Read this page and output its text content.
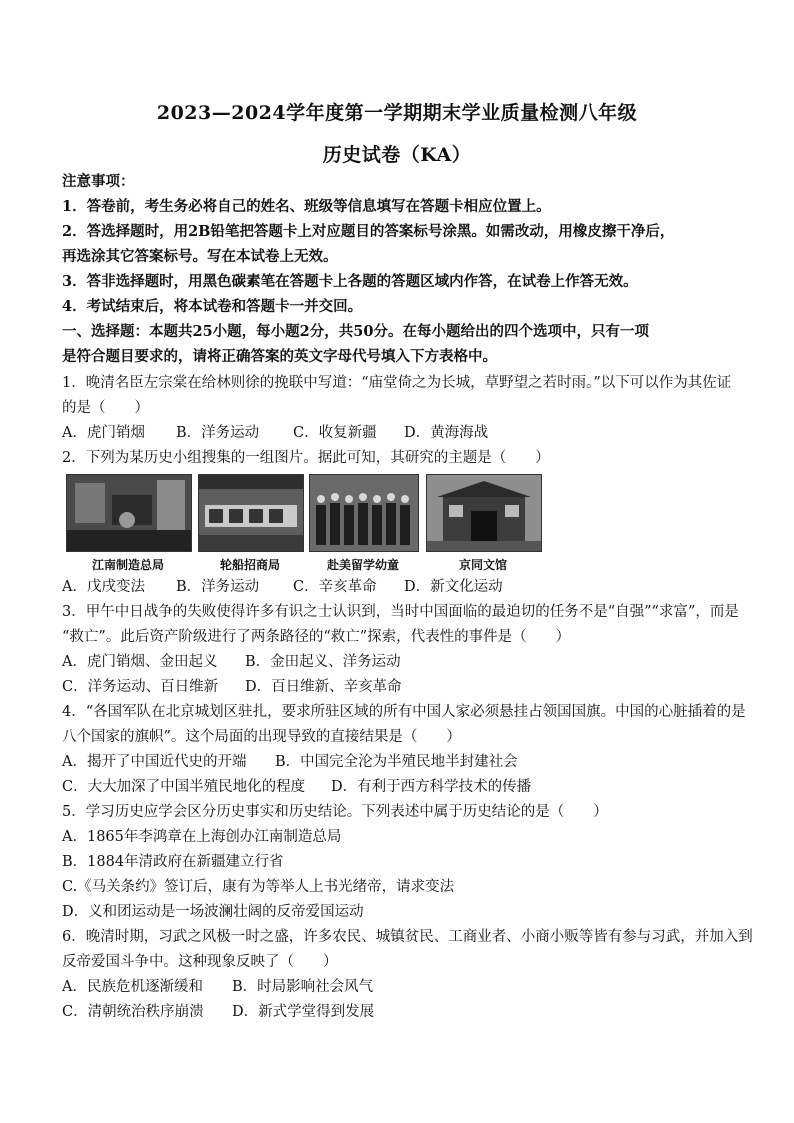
2023—2024学年度第一学期期末学业质量检测八年级
历史试卷（KA）
注意事项：
1．答卷前，考生务必将自己的姓名、班级等信息填写在答题卡相应位置上。
2．答选择题时，用2B铅笔把答题卡上对应题目的答案标号涂黑。如需改动，用橡皮擦干净后，
再选涂其它答案标号。写在本试卷上无效。
3．答非选择题时，用黑色碳素笔在答题卡上各题的答题区域内作答，在试卷上作答无效。
4．考试结束后，将本试卷和答题卡一并交回。
一、选择题：本题共25小题，每小题2分，共50分。在每小题给出的四个选项中，只有一项
是符合题目要求的，请将正确答案的英文字母代号填入下方表格中。
1．晚清名臣左宗棠在给林则徐的挽联中写道：“庙堂倚之为长城，草野望之若时雨。”以下可以作为其佐证
的是（　　）
A．虎门销烟 B．洋务运动 C．收复新疆 D．黄海海战
2．下列为某历史小组搜集的一组图片。据此可知，其研究的主题是（　　）
江南制造总局	轮船招商局	赴美留学幼童	京同文馆
A．戊戌变法 B．洋务运动 C．辛亥革命 D．新文化运动
3．甲午中日战争的失败使得许多有识之士认识到，当时中国面临的最迫切的任务不是“自强”“求富”，而是
“救亡”。此后资产阶级进行了两条路径的“救亡”探索，代表性的事件是（　　）
A．虎门销烟、金田起义 B．金田起义、洋务运动
C．洋务运动、百日维新 D．百日维新、辛亥革命
4．“各国军队在北京城划区驻扎，要求所驻区域的所有中国人家必须悬挂占领国国旗。中国的心脏插着的是
八个国家的旗帜”。这个局面的出现导致的直接结果是（　　）
A．揭开了中国近代史的开端 B．中国完全沦为半殖民地半封建社会
C．大大加深了中国半殖民地化的程度 D．有利于西方科学技术的传播
5．学习历史应学会区分历史事实和历史结论。下列表述中属于历史结论的是（　　）
A．1865年李鸿章在上海创办江南制造总局
B．1884年清政府在新疆建立行省
C.《马关条约》签订后，康有为等举人上书光绪帝，请求变法
D．义和团运动是一场波澜壮阔的反帝爱国运动
6．晚清时期，习武之风极一时之盛，许多农民、城镇贫民、工商业者、小商小贩等皆有参与习武，并加入到
反帝爱国斗争中。这种现象反映了（　　）
A．民族危机逐渐缓和 B．时局影响社会风气
C．清朝统治秩序崩溃 D．新式学堂得到发展
